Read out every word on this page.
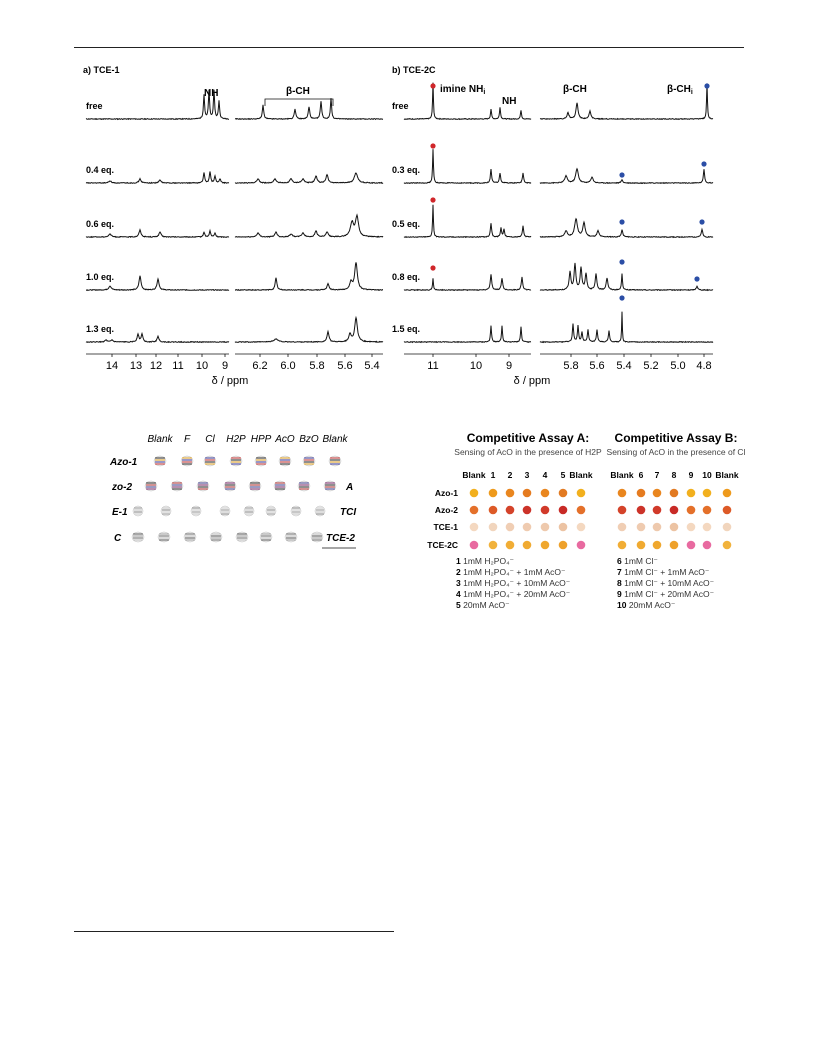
a) TCE-1	b) TCE-2C
free
0.4 eq.
0.6 eq.
1.0 eq.
1.3 eq.
free
0.3 eq.
0.5 eq.
0.8 eq.
1.5 eq.
NH	β-CH
14 13 12 11 10 9 6.2 6.0 5.8 5.6 5.4
δ / ppm
imine $NH_i$
NH
β-CH	$\beta-CH_i$
11	10 9	5.8 5.6 5.4 5.2 5.0 4.8
δ / ppm
Blank F Cl H2P HPP AcO BzO Blank
Azo-1
zo-2
E-1
C
A
TCI
TCE-2
Competitive Assay A:
Sensing of AcO in the presence of H2P
Competitive Assay B:
Sensing of AcO in the presence of Cl
Blank 1 2 3 4 5 Blank Blank 6 7 8 9 10 Blank
Azo-1
Azo-2
TCE-1
TCE-2C
1 1mM H₂PO₄⁻
2 1mM H₂PO₄⁻ + 1mM AcO⁻
3 1mM H₂PO₄⁻ + 10mM AcO⁻
4 1mM H₂PO₄⁻ + 20mM AcO⁻
5 20mM AcO⁻
6 1mM Cl⁻
7 1mM Cl⁻ + 1mM AcO⁻
8 1mM Cl⁻ + 10mM AcO⁻
9 1mM Cl⁻ + 20mM AcO⁻
10 20mM AcO⁻
